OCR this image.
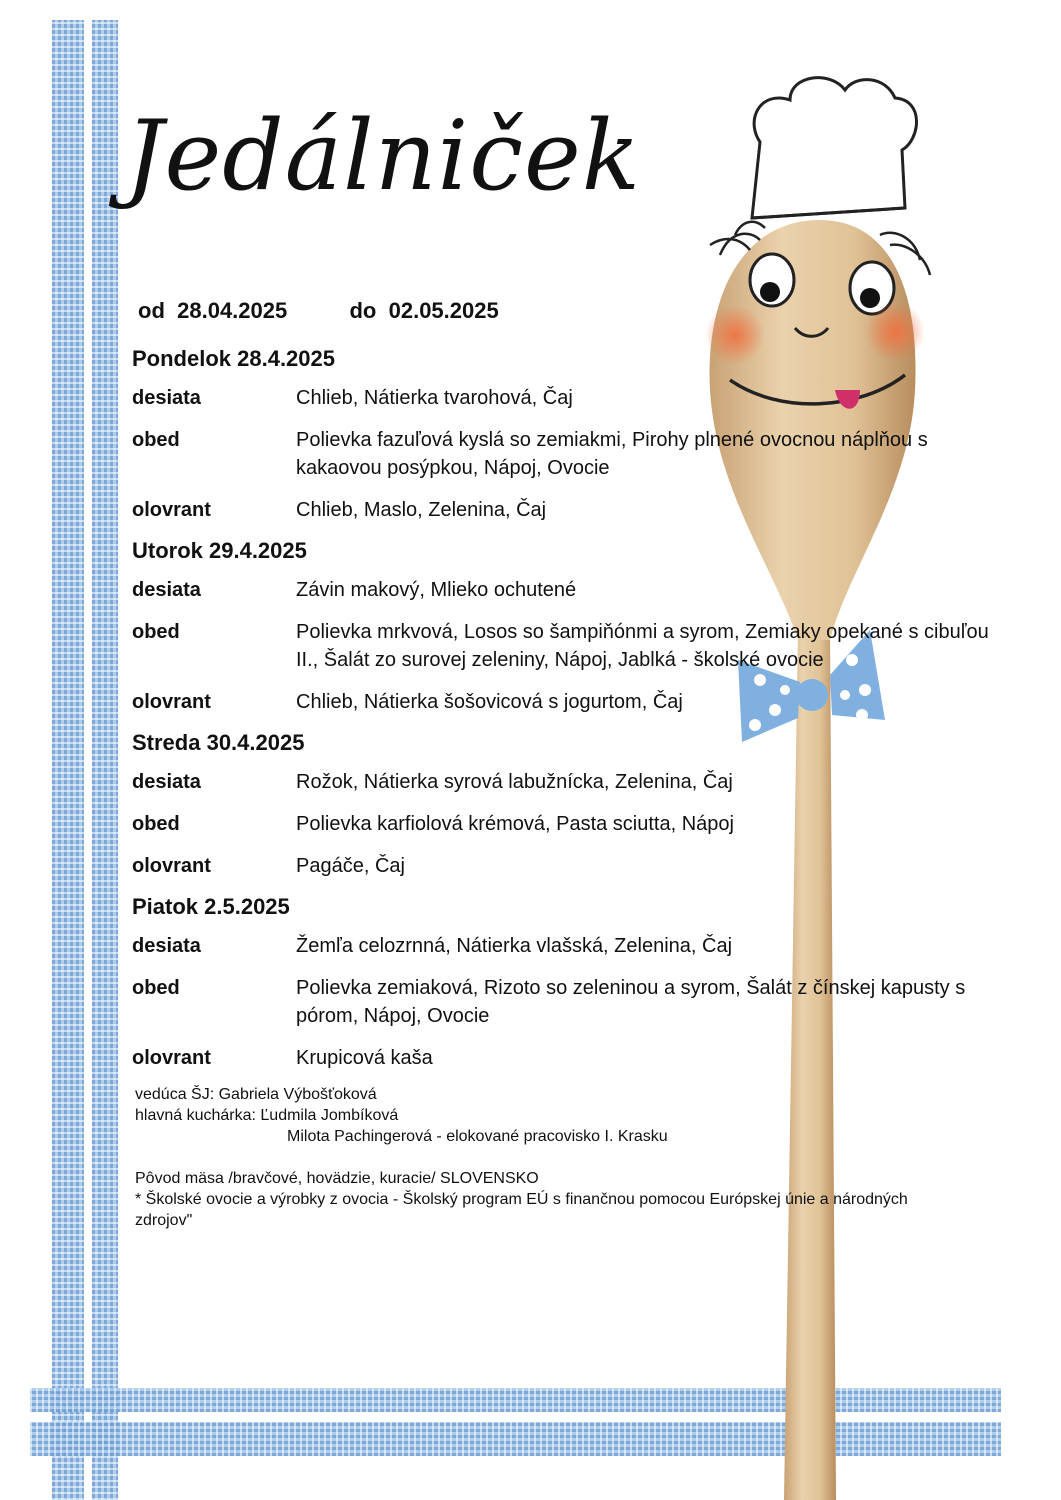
Jedálniček
od 28.04.2025	do 02.05.2025
Pondelok 28.4.2025
desiata	Chlieb, Nátierka tvarohová, Čaj
obed	Polievka fazuľová kyslá so zemiakmi, Pirohy plnené ovocnou náplňou s kakaovou posýpkou, Nápoj, Ovocie
olovrant	Chlieb, Maslo, Zelenina, Čaj
Utorok 29.4.2025
desiata	Závin makový, Mlieko ochutené
obed	Polievka mrkvová, Losos so šampiňónmi a syrom, Zemiaky opekané s cibuľou II., Šalát zo surovej zeleniny, Nápoj, Jablká - školské ovocie
olovrant	Chlieb, Nátierka šošovicová s jogurtom, Čaj
Streda 30.4.2025
desiata	Rožok, Nátierka syrová labužnícka, Zelenina, Čaj
obed	Polievka karfiolová krémová, Pasta sciutta, Nápoj
olovrant	Pagáče, Čaj
Piatok 2.5.2025
desiata	Žemľa celozrnná, Nátierka vlašská, Zelenina, Čaj
obed	Polievka zemiaková, Rizoto so zeleninou a syrom, Šalát z čínskej kapusty s pórom, Nápoj, Ovocie
olovrant	Krupicová kaša

vedúca ŠJ: Gabriela Výbošťoková

hlavná kuchárka: Ľudmila Jombíková

Milota Pachingerová - elokované pracovisko I. Krasku

Pôvod mäsa /bravčové, hovädzie, kuracie/ SLOVENSKO

* Školské ovocie a výrobky z ovocia - Školský program EÚ s finančnou pomocou Európskej únie a národných zdrojov"
